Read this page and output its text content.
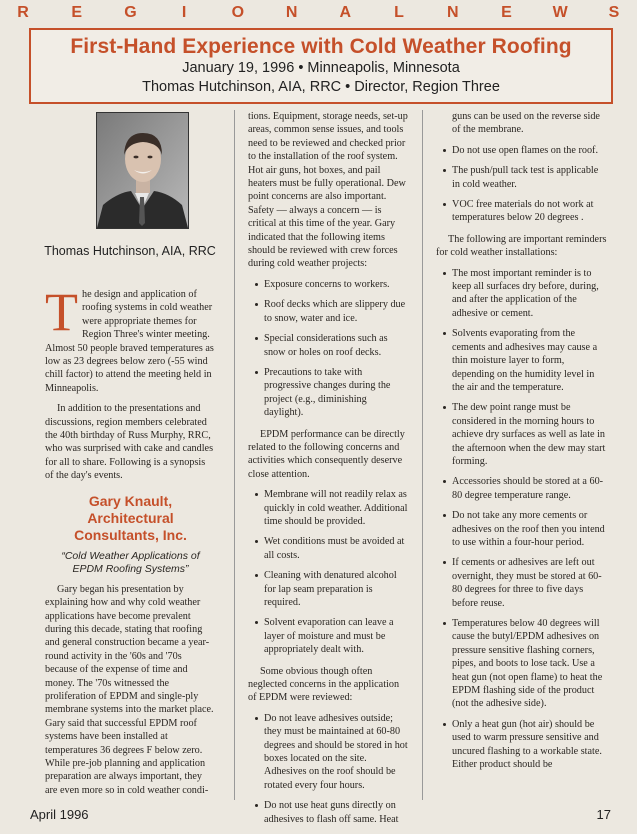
R	E	G	I	O	N	A	L	N	E	W	S
First-Hand Experience with Cold Weather Roofing
January 19, 1996 • Minneapolis, Minnesota
Thomas Hutchinson, AIA, RRC • Director, Region Three
Thomas Hutchinson, AIA, RRC

The design and application of roofing systems in cold weather were appropriate themes for Region Three's winter meeting. Almost 50 people braved temperatures as low as 23 degrees below zero (-55 wind chill factor) to attend the meeting held in Minneapolis.

In addition to the presentations and discussions, region members celebrated the 40th birthday of Russ Murphy, RRC, who was surprised with cake and candles for all to share. Following is a synopsis of the day's events.

Gary Knault, Architectural Consultants, Inc.
“Cold Weather Applications of EPDM Roofing Systems”

Gary began his presentation by explaining how and why cold weather applications have become prevalent during this decade, stating that roofing and general construction became a year-round activity in the '60s and '70s because of the expense of time and money. The '70s witnessed the proliferation of EPDM and single-ply membrane systems into the market place. Gary said that successful EPDM roof systems have been installed at temperatures 36 degrees F below zero. While pre-job planning and application preparation are always important, they are even more so in cold weather condi-

tions. Equipment, storage needs, set-up areas, common sense issues, and tools need to be reviewed and checked prior to the installation of the roof system. Hot air guns, hot boxes, and pail heaters must be fully operational. Dew point concerns are also important. Safety — always a concern — is critical at this time of the year. Gary indicated that the following items should be reviewed with crew forces during cold weather projects:

Exposure concerns to workers.
Roof decks which are slippery due to snow, water and ice.
Special considerations such as snow or holes on roof decks.
Precautions to take with progressive changes during the project (e.g., diminishing daylight).

EPDM performance can be directly related to the following concerns and activities which consequently deserve close attention.

Membrane will not readily relax as quickly in cold weather. Additional time should be provided.
Wet conditions must be avoided at all costs.
Cleaning with denatured alcohol for lap seam preparation is required.
Solvent evaporation can leave a layer of moisture and must be appropriately dealt with.

Some obvious though often neglected concerns in the application of EPDM were reviewed:

Do not leave adhesives outside; they must be maintained at 60-80 degrees and should be stored in hot boxes located on the site. Adhesives on the roof should be rotated every four hours.
Do not use heat guns directly on adhesives to flash off same. Heat

guns can be used on the reverse side of the membrane.

Do not use open flames on the roof.
The push/pull tack test is applicable in cold weather.
VOC free materials do not work at temperatures below 20 degrees .

The following are important reminders for cold weather installations:

The most important reminder is to keep all surfaces dry before, during, and after the application of the adhesive or cement.
Solvents evaporating from the cements and adhesives may cause a thin moisture layer to form, depending on the humidity level in the air and the temperature.
The dew point range must be considered in the morning hours to achieve dry surfaces as well as late in the afternoon when the dew may start forming.
Accessories should be stored at a 60-80 degree temperature range.
Do not take any more cements or adhesives on the roof then you intend to use within a four-hour period.
If cements or adhesives are left out overnight, they must be stored at 60-80 degrees for three to five days before reuse.
Temperatures below 40 degrees will cause the butyl/EPDM adhesives on pressure sensitive flashing corners, pipes, and boots to lose tack. Use a heat gun (not open flame) to heat the EPDM flashing side of the product (not the adhesive side).
Only a heat gun (hot air) should be used to warm pressure sensitive and uncured flashing to a workable state. Either product should be
April 1996	17
